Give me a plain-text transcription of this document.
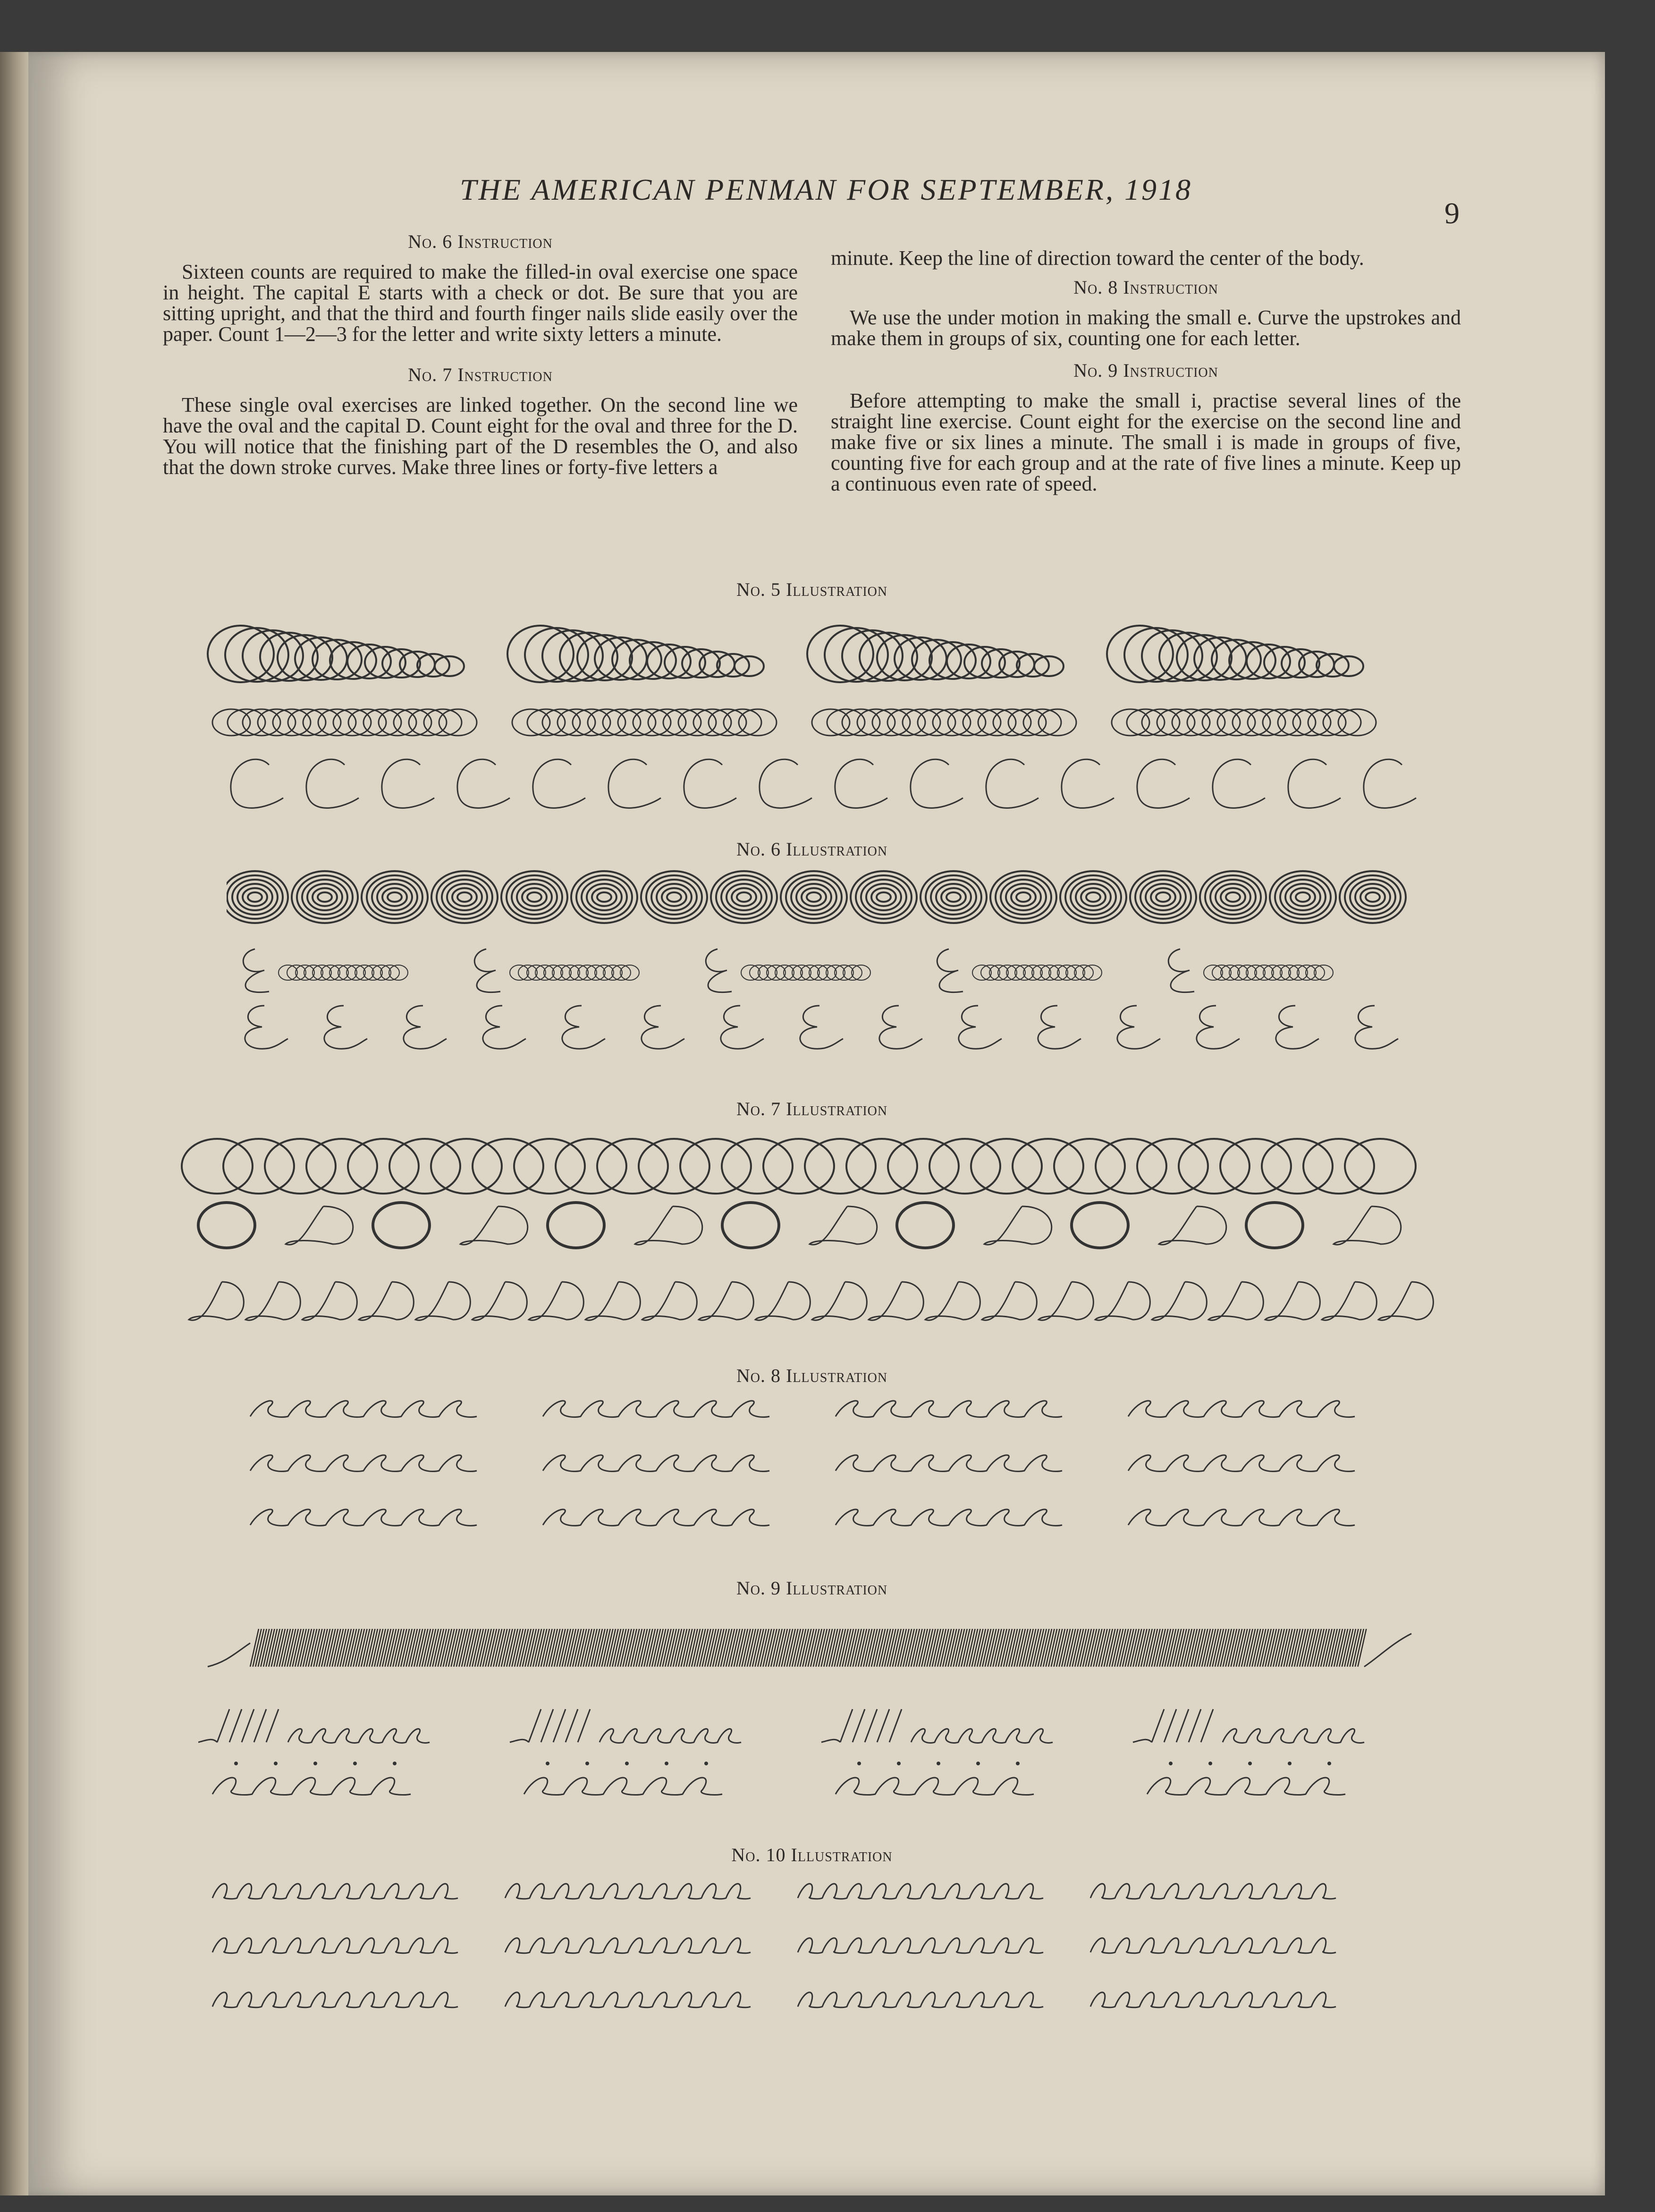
THE AMERICAN PENMAN FOR SEPTEMBER, 1918
9
No. 6 Instruction

Sixteen counts are required to make the filled-in oval exercise one space in height. The capital E starts with a check or dot. Be sure that you are sitting upright, and that the third and fourth finger nails slide easily over the paper. Count 1—2—3 for the letter and write sixty letters a minute.

No. 7 Instruction

These single oval exercises are linked together. On the second line we have the oval and the capital D. Count eight for the oval and three for the D. You will notice that the finishing part of the D resembles the O, and also that the down stroke curves. Make three lines or forty-five letters a

minute. Keep the line of direction toward the center of the body.

No. 8 Instruction

We use the under motion in making the small e. Curve the upstrokes and make them in groups of six, counting one for each letter.

No. 9 Instruction

Before attempting to make the small i, practise several lines of the straight line exercise. Count eight for the exercise on the second line and make five or six lines a minute. The small i is made in groups of five, counting five for each group and at the rate of five lines a minute. Keep up a continuous even rate of speed.

No. 5 Illustration
No. 6 Illustration
No. 7 Illustration
No. 8 Illustration
No. 9 Illustration
No. 10 Illustration
